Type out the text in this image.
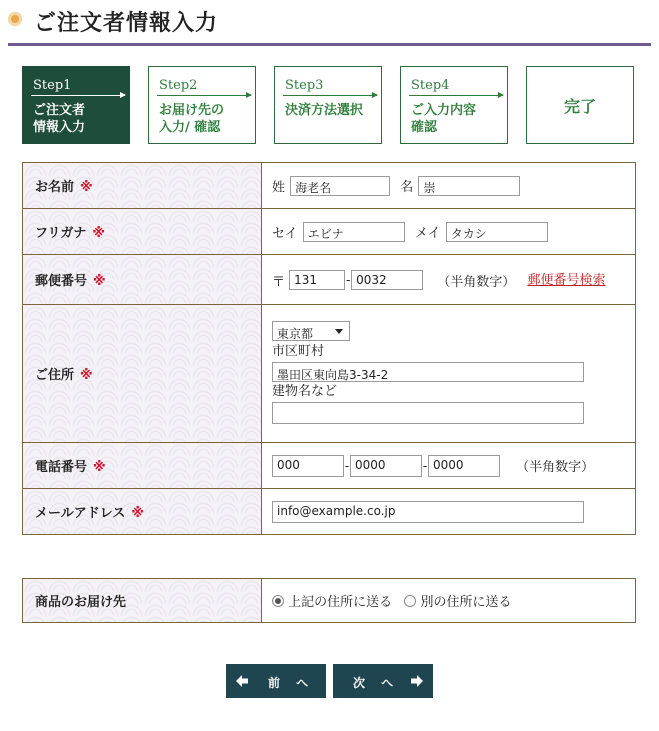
ご注文者情報入力
Step1
ご注文者
情報入力
Step2
お届け先の
入力/ 確認
Step3
決済方法選択
Step4
ご入力内容
確認
完了
お名前 ※	姓 海老名 名 崇
フリガナ ※	セイ エビナ メイ タカシ
郵便番号 ※	〒 131 - 0032 （半角数字） 郵便番号検索
ご住所 ※	東京都
市区町村
墨田区東向島3-34-2
建物名など

電話番号 ※	000 - 0000 - 0000 （半角数字）
メールアドレス ※	info@example.co.jp
商品のお届け先	上記の住所に送る 別の住所に送る
前 へ	次 へ
